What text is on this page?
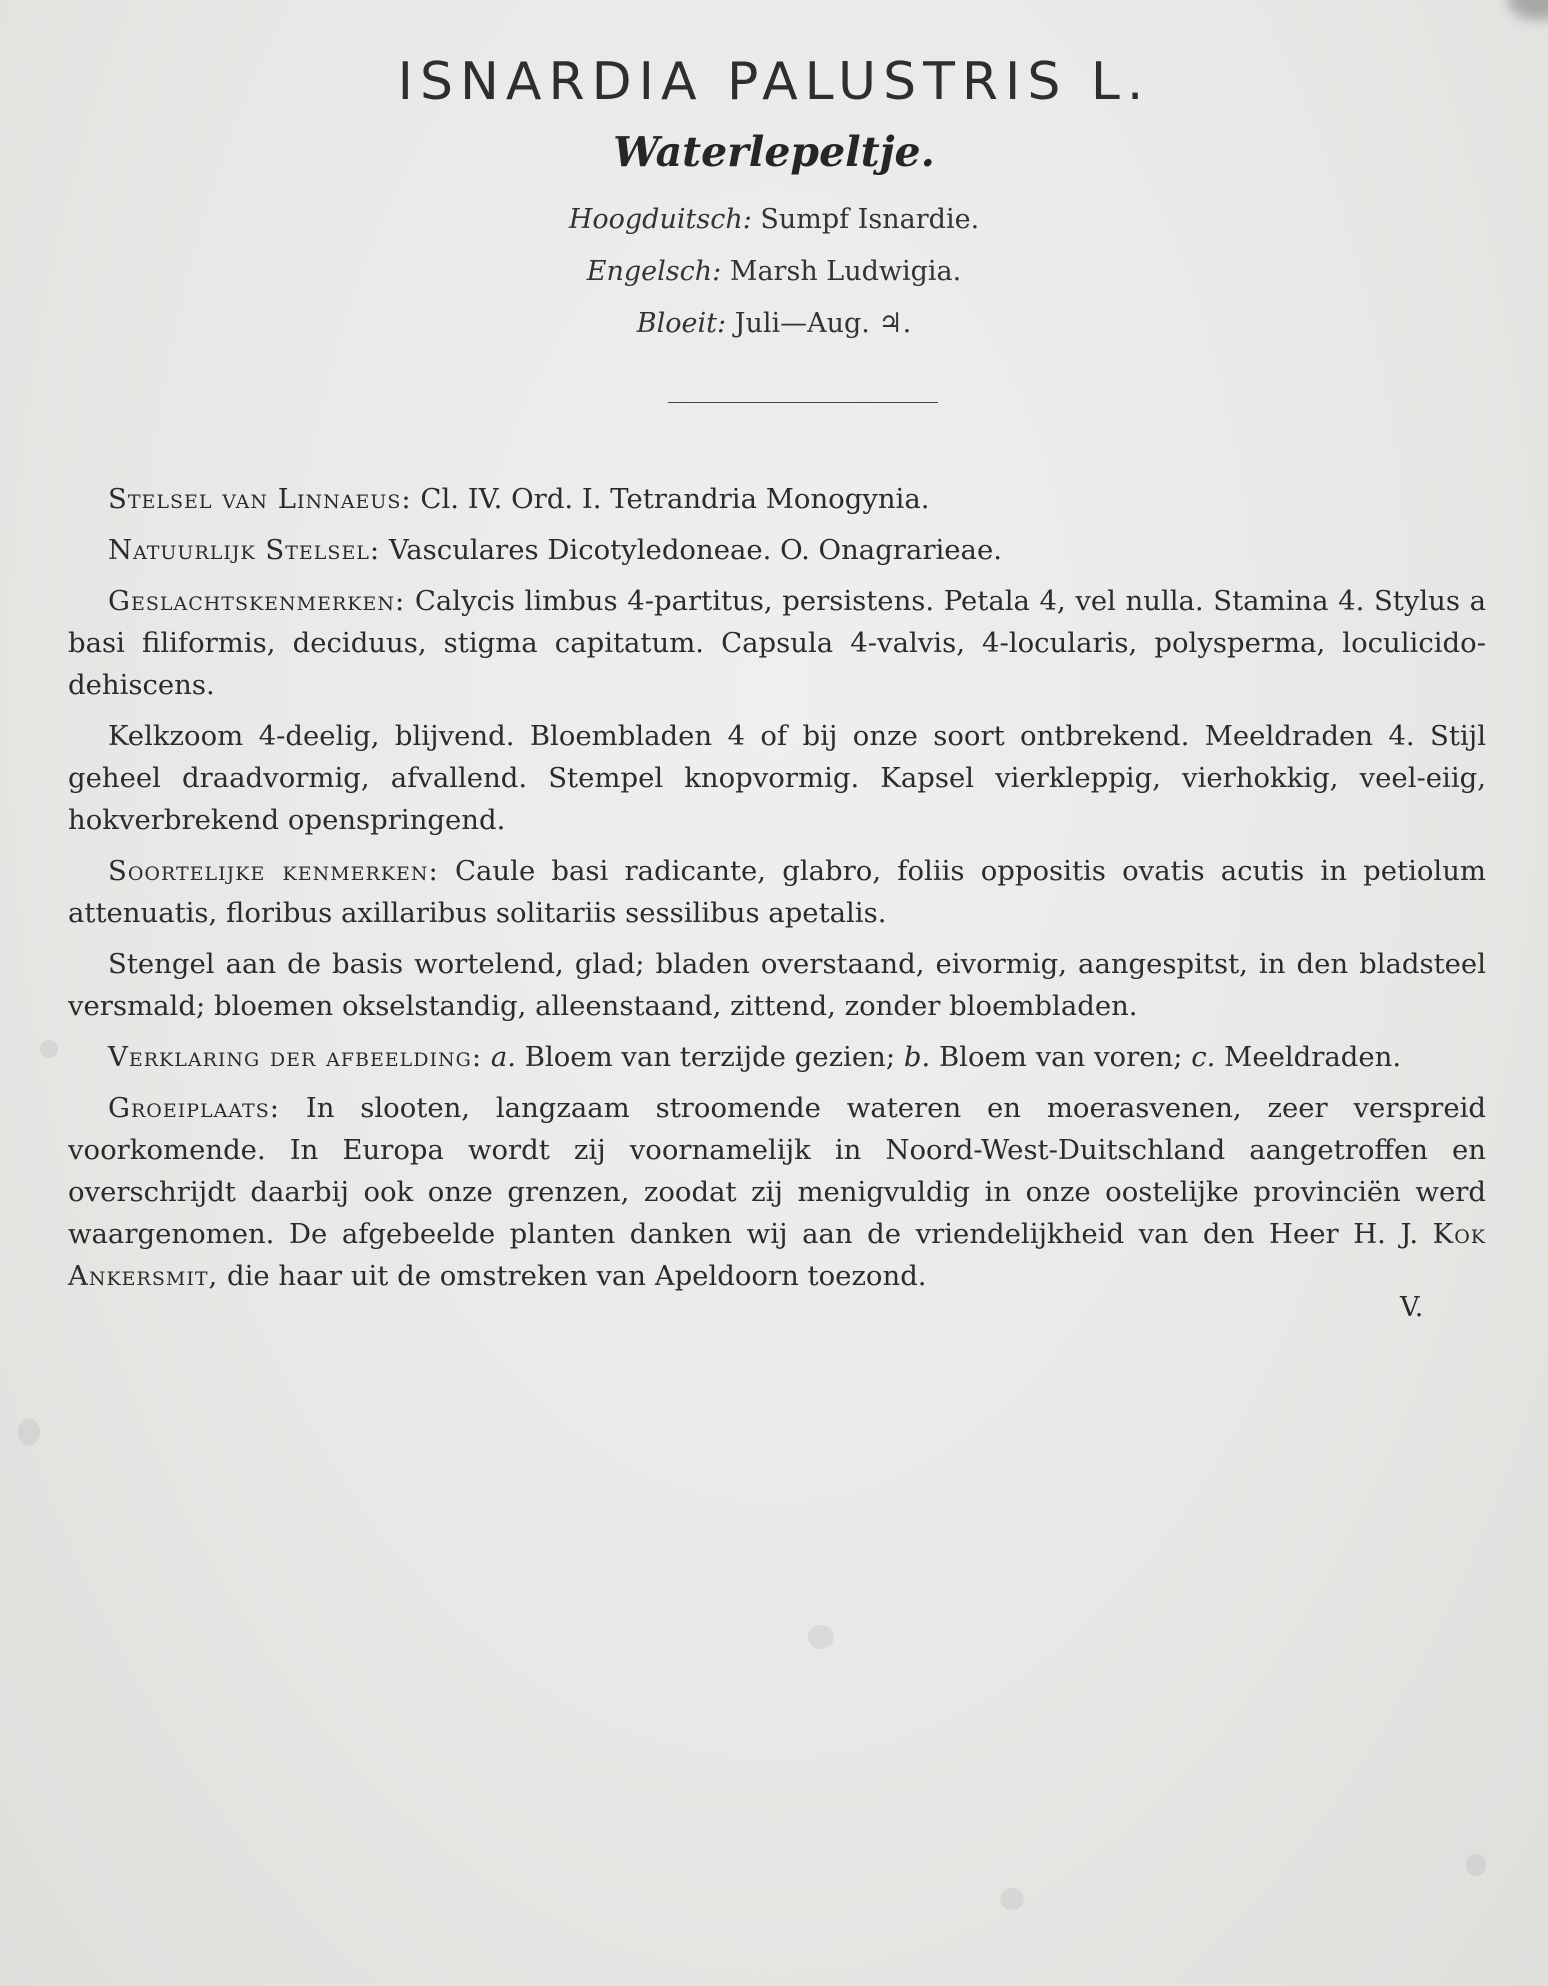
ISNARDIA PALUSTRIS L.
Waterlepeltje.
Hoogduitsch: Sumpf Isnardie.
Engelsch: Marsh Ludwigia.
Bloeit: Juli—Aug. ♃.

Stelsel van Linnaeus: Cl. IV. Ord. I. Tetrandria Monogynia.

Natuurlijk Stelsel: Vasculares Dicotyledoneae. O. Onagrarieae.

Geslachtskenmerken: Calycis limbus 4-partitus, persistens. Petala 4, vel nulla. Stamina 4. Stylus a basi filiformis, deciduus, stigma capitatum. Capsula 4-valvis, 4-locularis, polysperma, loculicido-dehiscens.

Kelkzoom 4-deelig, blijvend. Bloembladen 4 of bij onze soort ontbrekend. Meeldraden 4. Stijl geheel draadvormig, afvallend. Stempel knopvormig. Kapsel vierkleppig, vierhokkig, veel-eiig, hokverbrekend openspringend.

Soortelijke kenmerken: Caule basi radicante, glabro, foliis oppositis ovatis acutis in petiolum attenuatis, floribus axillaribus solitariis sessilibus apetalis.

Stengel aan de basis wortelend, glad; bladen overstaand, eivormig, aangespitst, in den bladsteel versmald; bloemen okselstandig, alleenstaand, zittend, zonder bloembladen.

Verklaring der afbeelding: a. Bloem van terzijde gezien; b. Bloem van voren; c. Meeldraden.

Groeiplaats: In slooten, langzaam stroomende wateren en moerasvenen, zeer verspreid voorkomende. In Europa wordt zij voornamelijk in Noord-West-Duitschland aangetroffen en overschrijdt daarbij ook onze grenzen, zoodat zij menigvuldig in onze oostelijke provinciën werd waargenomen. De afgebeelde planten danken wij aan de vriendelijkheid van den Heer H. J. Kok Ankersmit, die haar uit de omstreken van Apeldoorn toezond.

V.
